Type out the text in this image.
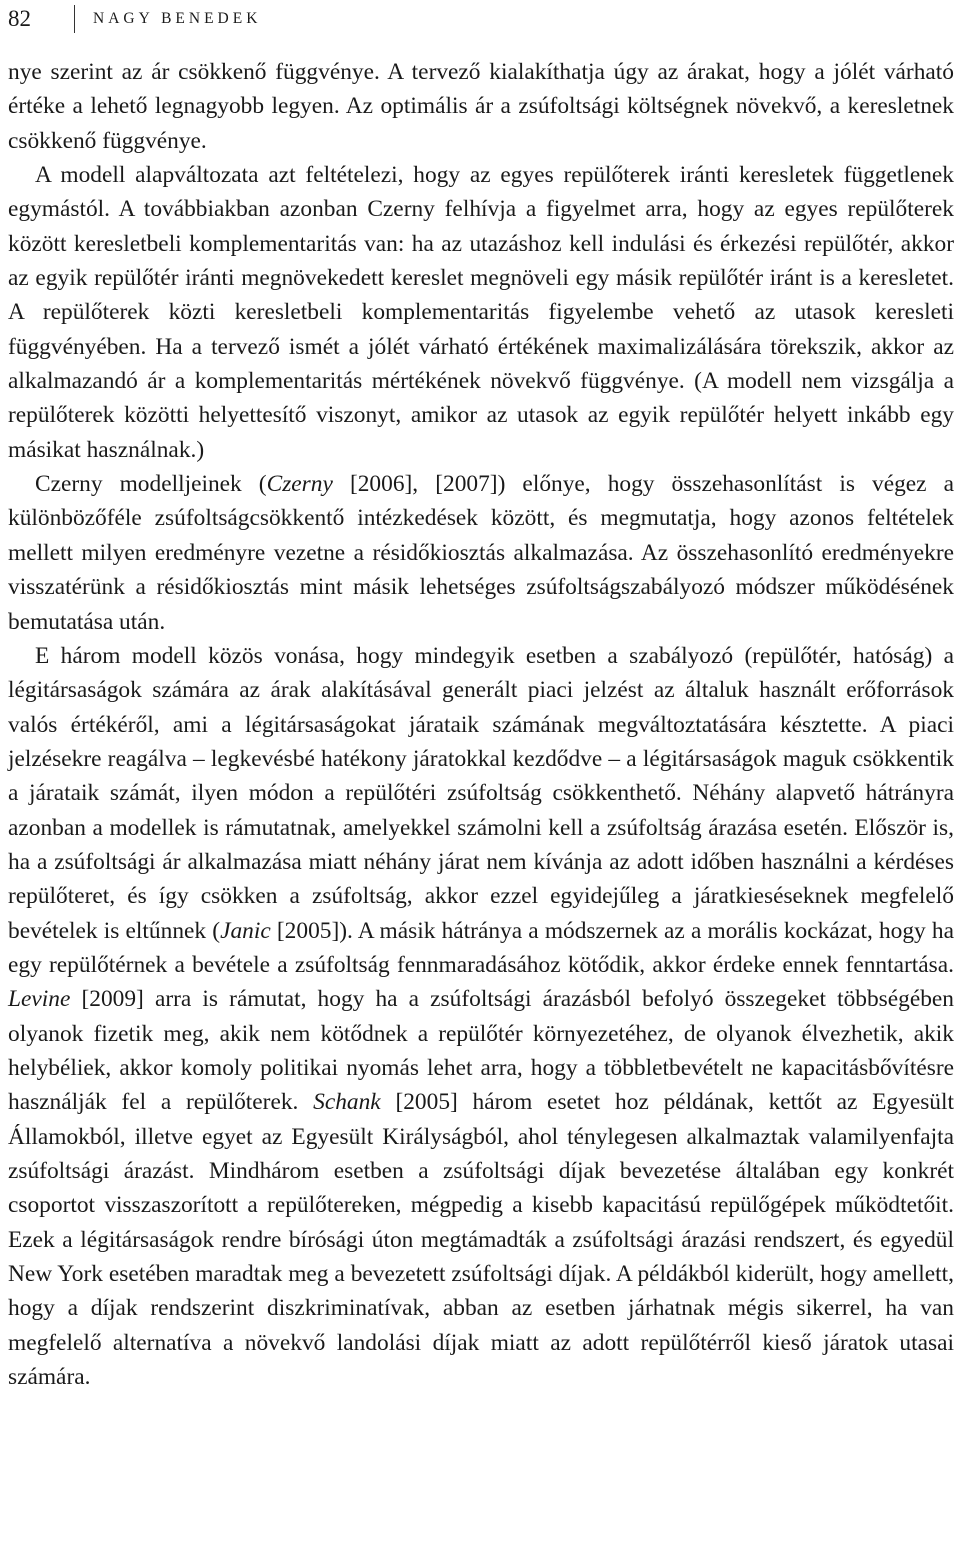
82	NAGY BENEDEK

nye szerint az ár csökkenő függvénye. A tervező kialakíthatja úgy az árakat, hogy a jólét várható értéke a lehető legnagyobb legyen. Az optimális ár a zsúfoltsági költségnek növekvő, a keresletnek csökkenő függvénye.

A modell alapváltozata azt feltételezi, hogy az egyes repülőterek iránti keresletek függetlenek egymástól. A továbbiakban azonban Czerny felhívja a figyelmet arra, hogy az egyes repülőterek között keresletbeli komplementaritás van: ha az utazáshoz kell indulási és érkezési repülőtér, akkor az egyik repülőtér iránti megnövekedett kereslet megnöveli egy másik repülőtér iránt is a keresletet. A repülőterek közti keresletbeli komplementaritás figyelembe vehető az utasok keresleti függvényében. Ha a tervező ismét a jólét várható értékének maximalizálására törekszik, akkor az alkalmazandó ár a komplementaritás mértékének növekvő függvénye. (A modell nem vizsgálja a repülőterek közötti helyettesítő viszonyt, amikor az utasok az egyik repülőtér helyett inkább egy másikat használnak.)

Czerny modelljeinek (Czerny [2006], [2007]) előnye, hogy összehasonlítást is végez a különbözőféle zsúfoltságcsökkentő intézkedések között, és megmutatja, hogy azonos feltételek mellett milyen eredményre vezetne a résidőkiosztás alkalmazása. Az összehasonlító eredményekre visszatérünk a résidőkiosztás mint másik lehetséges zsúfoltságszabályozó módszer működésének bemutatása után.

E három modell közös vonása, hogy mindegyik esetben a szabályozó (repülőtér, hatóság) a légitársaságok számára az árak alakításával generált piaci jelzést az általuk használt erőforrások valós értékéről, ami a légitársaságokat járataik számának megváltoztatására késztette. A piaci jelzésekre reagálva – legkevésbé hatékony járatokkal kezdődve – a légitársaságok maguk csökkentik a járataik számát, ilyen módon a repülőtéri zsúfoltság csökkenthető. Néhány alapvető hátrányra azonban a modellek is rámutatnak, amelyekkel számolni kell a zsúfoltság árazása esetén. Először is, ha a zsúfoltsági ár alkalmazása miatt néhány járat nem kívánja az adott időben használni a kérdéses repülőteret, és így csökken a zsúfoltság, akkor ezzel egyidejűleg a járatkieséseknek megfelelő bevételek is eltűnnek (Janic [2005]). A másik hátránya a módszernek az a morális kockázat, hogy ha egy repülőtérnek a bevétele a zsúfoltság fennmaradásához kötődik, akkor érdeke ennek fenntartása. Levine [2009] arra is rámutat, hogy ha a zsúfoltsági árazásból befolyó összegeket többségében olyanok fizetik meg, akik nem kötődnek a repülőtér környezetéhez, de olyanok élvezhetik, akik helybéliek, akkor komoly politikai nyomás lehet arra, hogy a többletbevételt ne kapacitásbővítésre használják fel a repülőterek. Schank [2005] három esetet hoz példának, kettőt az Egyesült Államokból, illetve egyet az Egyesült Királyságból, ahol ténylegesen alkalmaztak valamilyenfajta zsúfoltsági árazást. Mindhárom esetben a zsúfoltsági díjak bevezetése általában egy konkrét csoportot visszaszorított a repülőtereken, mégpedig a kisebb kapacitású repülőgépek működtetőit. Ezek a légitársaságok rendre bírósági úton megtámadták a zsúfoltsági árazási rendszert, és egyedül New York esetében maradtak meg a bevezetett zsúfoltsági díjak. A példákból kiderült, hogy amellett, hogy a díjak rendszerint diszkriminatívak, abban az esetben járhatnak mégis sikerrel, ha van megfelelő alternatíva a növekvő landolási díjak miatt az adott repülőtérről kieső járatok utasai számára.
